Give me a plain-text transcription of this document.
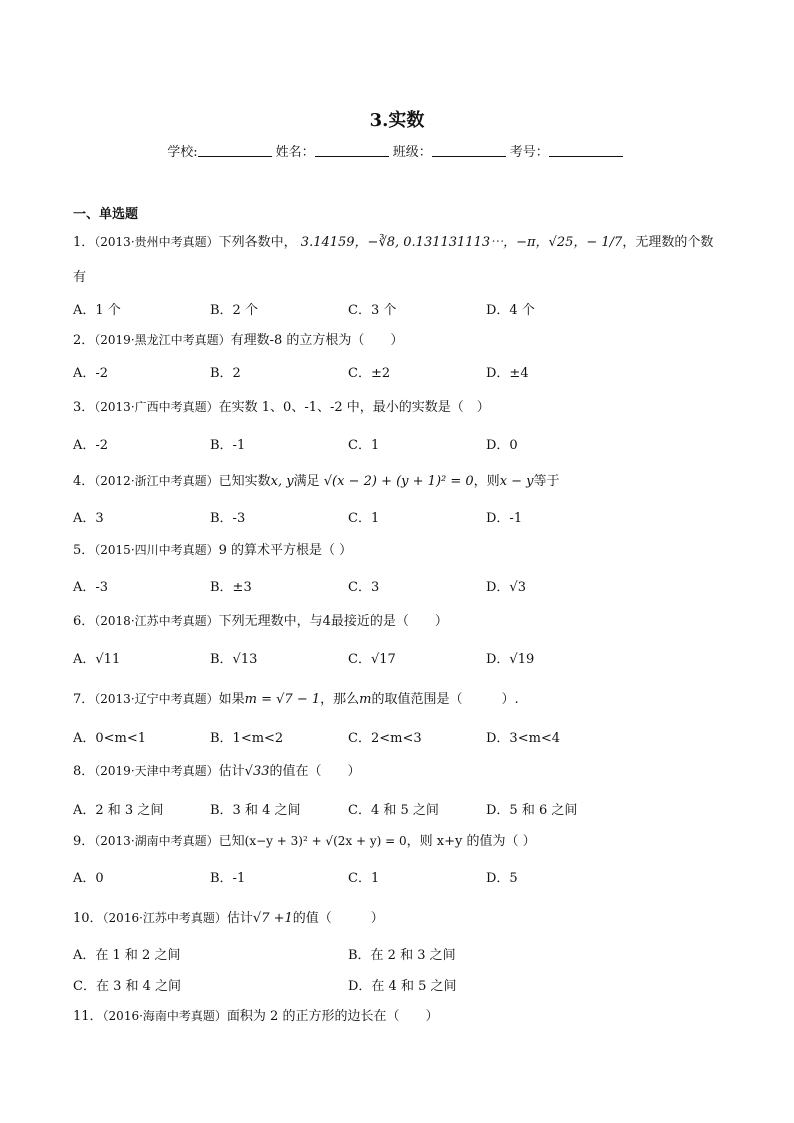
3.实数
学校:	姓名：	班级：	考号：
一、单选题
1．（2013·贵州中考真题）下列各数中， 3.14159，−∛8, 0.131131113⋯，−π，√25，− 1/7，无理数的个数
有
A．1 个	B．2 个	C．3 个	D．4 个
2．（2019·黑龙江中考真题）有理数-8 的立方根为（　　）
A．-2	B．2	C．±2	D．±4
3．（2013·广西中考真题）在实数 1、0、-1、-2 中，最小的实数是（　）
A．-2	B．-1	C．1	D．0
4．（2012·浙江中考真题）已知实数x, y满足 √(x − 2) + (y + 1)² = 0，则x − y等于
A．3	B．-3	C．1	D．-1
5．（2015·四川中考真题）9 的算术平方根是（ ）
A．-3	B．±3	C．3	D．√3
6．（2018·江苏中考真题）下列无理数中，与4最接近的是（　　）
A．√11	B．√13	C．√17	D．√19
7．（2013·辽宁中考真题）如果m = √7 − 1，那么m的取值范围是（　　　）.
A．0<m<1	B．1<m<2	C．2<m<3	D．3<m<4
8．（2019·天津中考真题）估计√33的值在（　　）
A．2 和 3 之间	B．3 和 4 之间	C．4 和 5 之间	D．5 和 6 之间
9．（2013·湖南中考真题）已知(x−y + 3)² + √(2x + y) = 0，则 x+y 的值为（ ）
A．0	B．-1	C．1	D．5
10．（2016·江苏中考真题）估计√7 +1的值（　　　）
A．在 1 和 2 之间	B．在 2 和 3 之间
C．在 3 和 4 之间	D．在 4 和 5 之间
11．（2016·海南中考真题）面积为 2 的正方形的边长在（　　）
